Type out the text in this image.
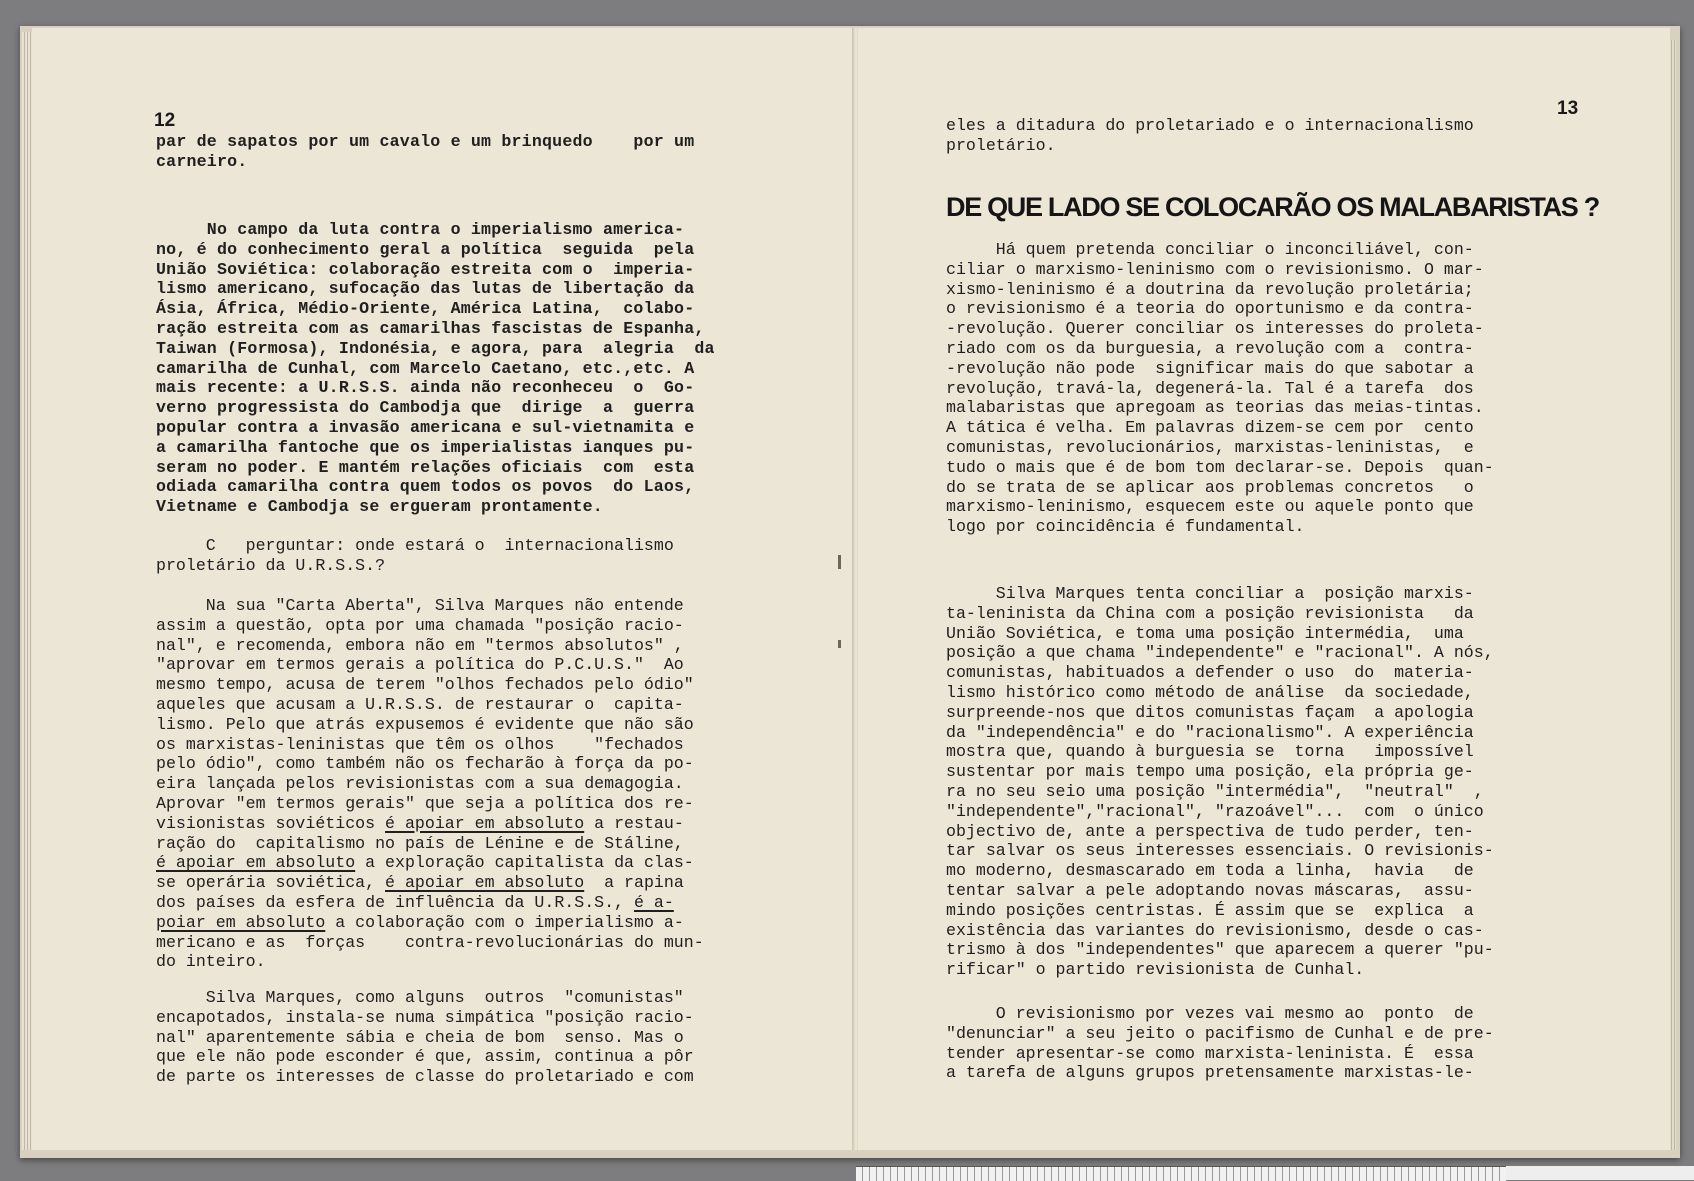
12
par de sapatos por um cavalo e um brinquedo    por um
carneiro.
No campo da luta contra o imperialismo america-
no, é do conhecimento geral a política  seguida  pela
União Soviética: colaboração estreita com o  imperia-
lismo americano, sufocação das lutas de libertação da
Ásia, África, Médio-Oriente, América Latina,  colabo-
ração estreita com as camarilhas fascistas de Espanha,
Taiwan (Formosa), Indonésia, e agora, para  alegria  da
camarilha de Cunhal, com Marcelo Caetano, etc.,etc. A
mais recente: a U.R.S.S. ainda não reconheceu  o  Go-
verno progressista do Cambodja que  dirige  a  guerra
popular contra a invasão americana e sul-vietnamita e
a camarilha fantoche que os imperialistas ianques pu-
seram no poder. E mantém relações oficiais  com  esta
odiada camarilha contra quem todos os povos  do Laos,
Vietname e Cambodja se ergueram prontamente.
C   perguntar: onde estará o  internacionalismo
proletário da U.R.S.S.?
Na sua "Carta Aberta", Silva Marques não entende
assim a questão, opta por uma chamada "posição racio-
nal", e recomenda, embora não em "termos absolutos" ,
"aprovar em termos gerais a política do P.C.U.S."  Ao
mesmo tempo, acusa de terem "olhos fechados pelo ódio"
aqueles que acusam a U.R.S.S. de restaurar o  capita-
lismo. Pelo que atrás expusemos é evidente que não são
os marxistas-leninistas que têm os olhos    "fechados
pelo ódio", como também não os fecharão à força da po-
eira lançada pelos revisionistas com a sua demagogia.
Aprovar "em termos gerais" que seja a política dos re-
visionistas soviéticos é apoiar em absoluto a restau-
ração do  capitalismo no país de Lénine e de Stáline,
é apoiar em absoluto a exploração capitalista da clas-
se operária soviética, é apoiar em absoluto  a rapina
dos países da esfera de influência da U.R.S.S., é a-
poiar em absoluto a colaboração com o imperialismo a-
mericano e as  forças    contra-revolucionárias do mun-
do inteiro.
Silva Marques, como alguns  outros  "comunistas"
encapotados, instala-se numa simpática "posição racio-
nal" aparentemente sábia e cheia de bom  senso. Mas o
que ele não pode esconder é que, assim, continua a pôr
de parte os interesses de classe do proletariado e com
13
eles a ditadura do proletariado e o internacionalismo
proletário.
DE QUE LADO SE COLOCARÃO OS MALABARISTAS ?
Há quem pretenda conciliar o inconciliável, con-
ciliar o marxismo-leninismo com o revisionismo. O mar-
xismo-leninismo é a doutrina da revolução proletária;
o revisionismo é a teoria do oportunismo e da contra-
-revolução. Querer conciliar os interesses do proleta-
riado com os da burguesia, a revolução com a  contra-
-revolução não pode  significar mais do que sabotar a
revolução, travá-la, degenerá-la. Tal é a tarefa  dos
malabaristas que apregoam as teorias das meias-tintas.
A tática é velha. Em palavras dizem-se cem por  cento
comunistas, revolucionários, marxistas-leninistas,  e
tudo o mais que é de bom tom declarar-se. Depois  quan-
do se trata de se aplicar aos problemas concretos   o
marxismo-leninismo, esquecem este ou aquele ponto que
logo por coincidência é fundamental.
Silva Marques tenta conciliar a  posição marxis-
ta-leninista da China com a posição revisionista   da
União Soviética, e toma uma posição intermédia,  uma
posição a que chama "independente" e "racional". A nós,
comunistas, habituados a defender o uso  do  materia-
lismo histórico como método de análise  da sociedade,
surpreende-nos que ditos comunistas façam  a apologia
da "independência" e do "racionalismo". A experiência
mostra que, quando à burguesia se  torna   impossível
sustentar por mais tempo uma posição, ela própria ge-
ra no seu seio uma posição "intermédia",  "neutral"  ,
"independente","racional", "razoável"...  com  o único
objectivo de, ante a perspectiva de tudo perder, ten-
tar salvar os seus interesses essenciais. O revisionis-
mo moderno, desmascarado em toda a linha,  havia   de
tentar salvar a pele adoptando novas máscaras,  assu-
mindo posições centristas. É assim que se  explica  a
existência das variantes do revisionismo, desde o cas-
trismo à dos "independentes" que aparecem a querer "pu-
rificar" o partido revisionista de Cunhal.
O revisionismo por vezes vai mesmo ao  ponto  de
"denunciar" a seu jeito o pacifismo de Cunhal e de pre-
tender apresentar-se como marxista-leninista. É  essa
a tarefa de alguns grupos pretensamente marxistas-le-
